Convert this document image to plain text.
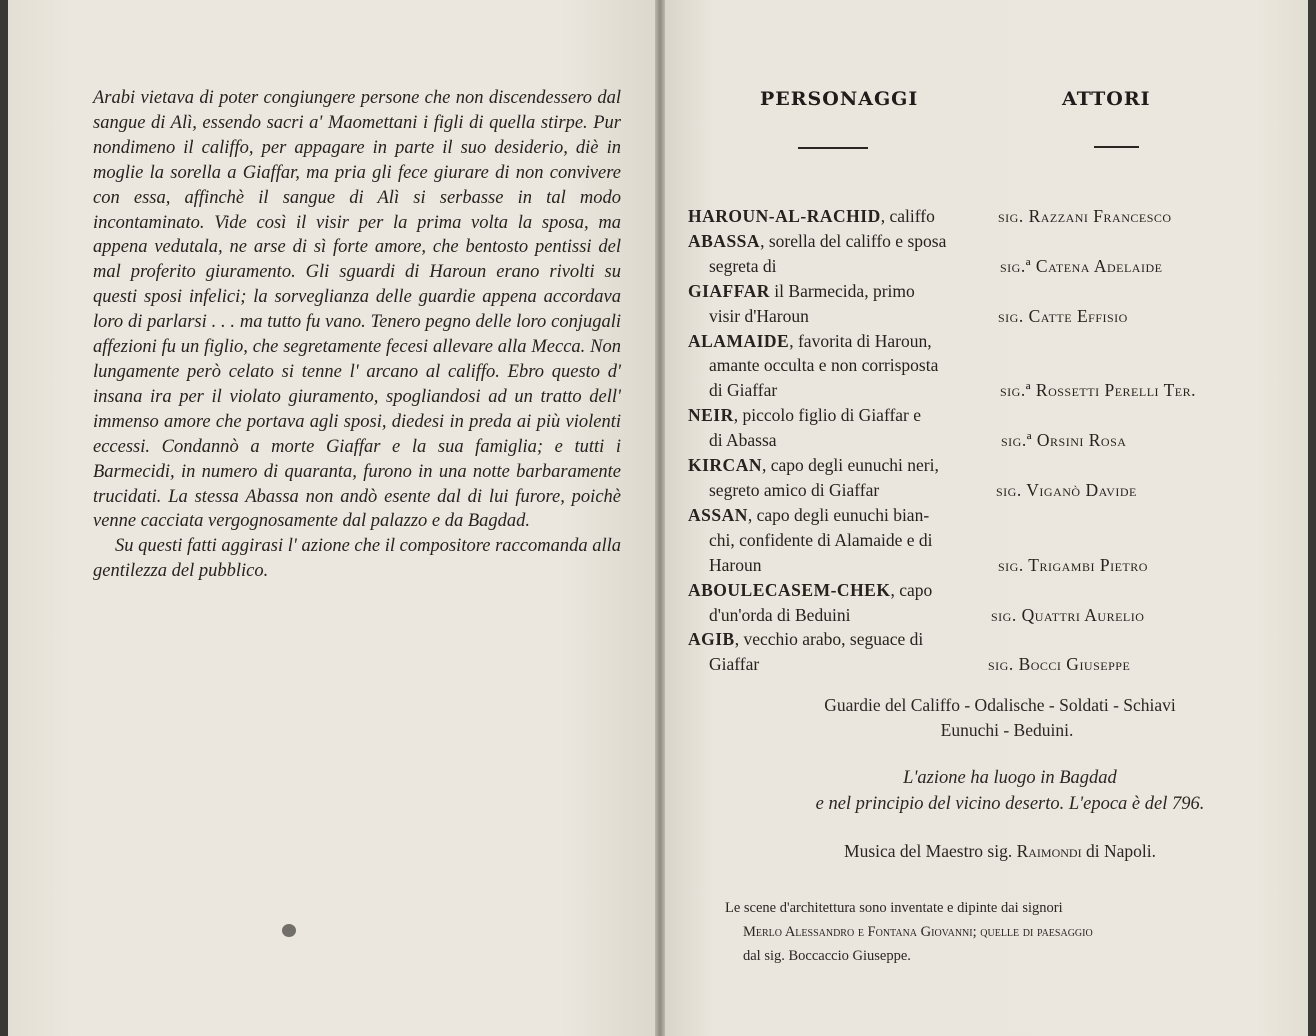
Arabi vietava di poter congiungere persone che non discendessero dal sangue di Alì, essendo sacri a' Maomettani i figli di quella stirpe. Pur nondimeno il califfo, per appagare in parte il suo desiderio, diè in moglie la sorella a Giaffar, ma pria gli fece giurare di non convivere con essa, affinchè il sangue di Alì si serbasse in tal modo incontaminato. Vide così il visir per la prima volta la sposa, ma appena vedutala, ne arse di sì forte amore, che bentosto pentissi del mal proferito giuramento. Gli sguardi di Haroun erano rivolti su questi sposi infelici; la sorveglianza delle guardie appena accordava loro di parlarsi . . . ma tutto fu vano. Tenero pegno delle loro conjugali affezioni fu un figlio, che segretamente fecesi allevare alla Mecca. Non lungamente però celato si tenne l' arcano al califfo. Ebro questo d' insana ira per il violato giuramento, spogliandosi ad un tratto dell' immenso amore che portava agli sposi, diedesi in preda ai più violenti eccessi. Condannò a morte Giaffar e la sua famiglia; e tutti i Barmecidi, in numero di quaranta, furono in una notte barbaramente trucidati. La stessa Abassa non andò esente dal di lui furore, poichè venne cacciata vergognosamente dal palazzo e da Bagdad.

Su questi fatti aggirasi l' azione che il compositore raccomanda alla gentilezza del pubblico.

PERSONAGGI	ATTORI
HAROUN-AL-RACHID, califfo	sig. Razzani Francesco
ABASSA, sorella del califfo e sposa
segreta di	sig.ª Catena Adelaide
GIAFFAR il Barmecida, primo
visir d'Haroun	sig. Catte Effisio
ALAMAIDE, favorita di Haroun,
amante occulta e non corrisposta
di Giaffar	sig.ª Rossetti Perelli Ter.
NEIR, piccolo figlio di Giaffar e
di Abassa	sig.ª Orsini Rosa
KIRCAN, capo degli eunuchi neri,
segreto amico di Giaffar	sig. Viganò Davide
ASSAN, capo degli eunuchi bian-
chi, confidente di Alamaide e di
Haroun	sig. Trigambi Pietro
ABOULECASEM-CHEK, capo
d'un'orda di Beduini	sig. Quattri Aurelio
AGIB, vecchio arabo, seguace di
Giaffar	sig. Bocci Giuseppe
Guardie del Califfo - Odalische - Soldati - Schiavi
Eunuchi - Beduini.
L'azione ha luogo in Bagdad
e nel principio del vicino deserto. L'epoca è del 796.
Musica del Maestro sig. Raimondi di Napoli.
Le scene d'architettura sono inventate e dipinte dai signori
Merlo Alessandro e Fontana Giovanni; quelle di paesaggio
dal sig. Boccaccio Giuseppe.
